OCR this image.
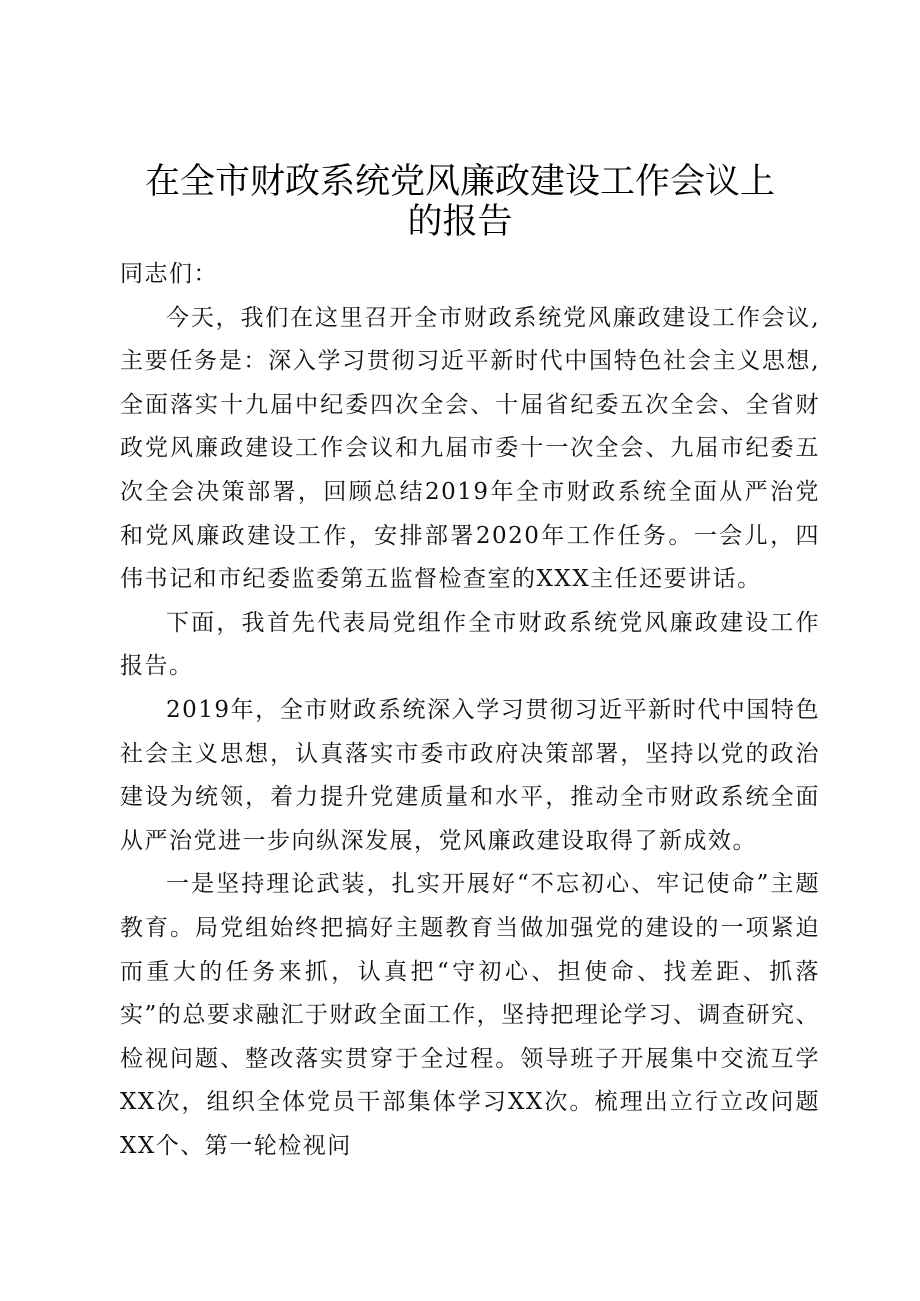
在全市财政系统党风廉政建设工作会议上的报告

同志们：

今天，我们在这里召开全市财政系统党风廉政建设工作会议,主要任务是：深入学习贯彻习近平新时代中国特色社会主义思想,全面落实十九届中纪委四次全会、十届省纪委五次全会、全省财政党风廉政建设工作会议和九届市委十一次全会、九届市纪委五次全会决策部署，回顾总结2019年全市财政系统全面从严治党和党风廉政建设工作，安排部署2020年工作任务。一会儿，四伟书记和市纪委监委第五监督检查室的XXX主任还要讲话。

下面，我首先代表局党组作全市财政系统党风廉政建设工作报告。

2019年，全市财政系统深入学习贯彻习近平新时代中国特色社会主义思想，认真落实市委市政府决策部署，坚持以党的政治建设为统领，着力提升党建质量和水平，推动全市财政系统全面从严治党进一步向纵深发展，党风廉政建设取得了新成效。

一是坚持理论武装，扎实开展好“不忘初心、牢记使命”主题教育。局党组始终把搞好主题教育当做加强党的建设的一项紧迫而重大的任务来抓，认真把“守初心、担使命、找差距、抓落实”的总要求融汇于财政全面工作，坚持把理论学习、调查研究、检视问题、整改落实贯穿于全过程。领导班子开展集中交流互学XX次，组织全体党员干部集体学习XX次。梳理出立行立改问题XX个、第一轮检视问
